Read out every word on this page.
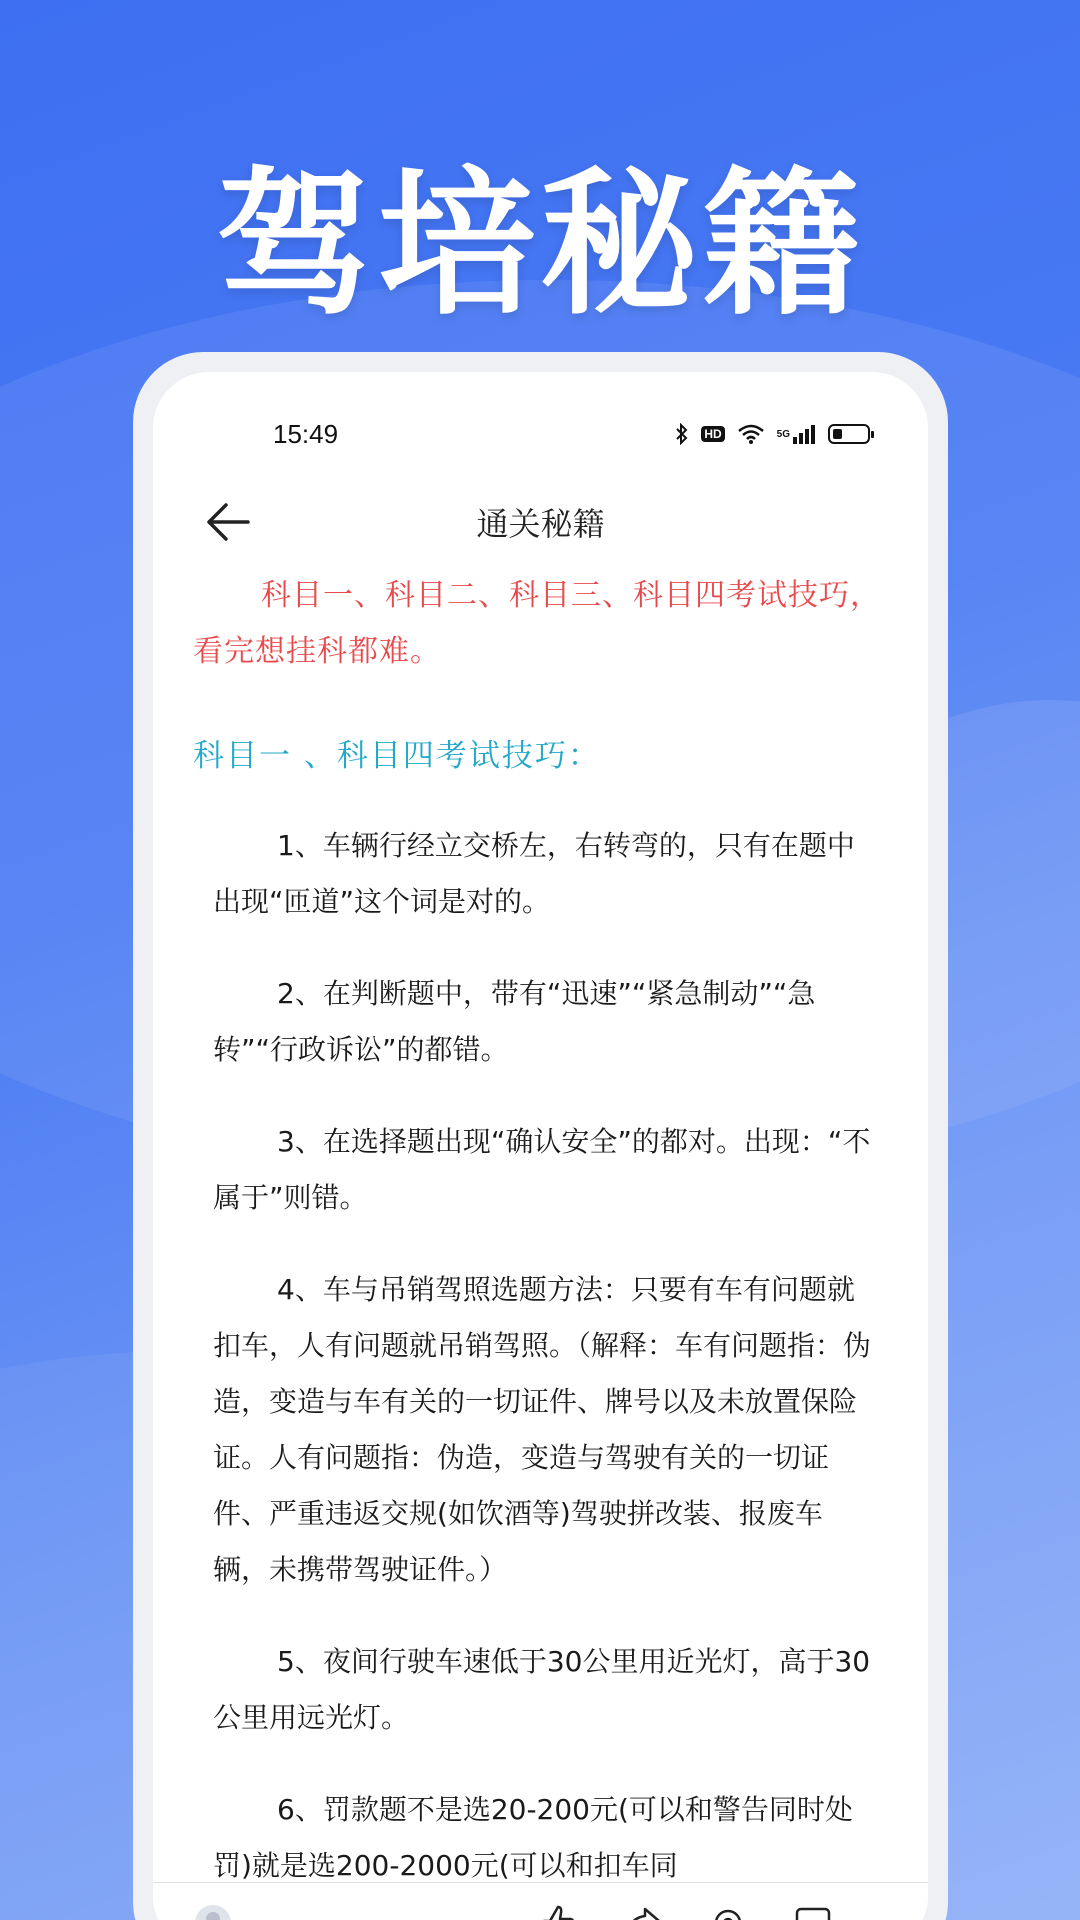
驾培秘籍
15:49	HD	5G
通关秘籍

科目一、科目二、科目三、科目四考试技巧，看完想挂科都难。

科目一 、科目四考试技巧：

1、车辆行经立交桥左，右转弯的，只有在题中出现“匝道”这个词是对的。

2、在判断题中，带有“迅速”“紧急制动”“急转”“行政诉讼”的都错。

3、在选择题出现“确认安全”的都对。出现：“不属于”则错。

4、车与吊销驾照选题方法：只要有车有问题就扣车，人有问题就吊销驾照。（解释：车有问题指：伪造，变造与车有关的一切证件、牌号以及未放置保险证。人有问题指：伪造，变造与驾驶有关的一切证件、严重违返交规(如饮酒等)驾驶拼改装、报废车辆，未携带驾驶证件。）

5、夜间行驶车速低于30公里用近光灯，高于30公里用远光灯。

6、罚款题不是选20-200元(可以和警告同时处罚)就是选200-2000元(可以和扣车同
